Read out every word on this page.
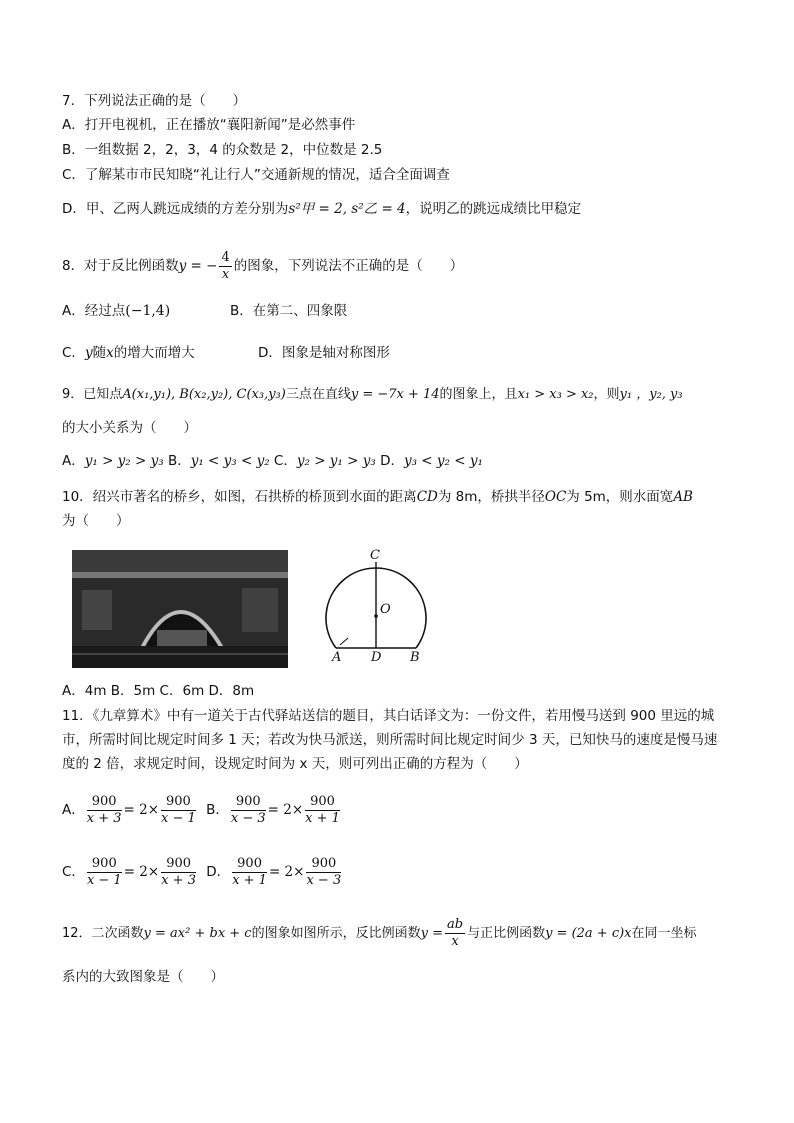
7．下列说法正确的是（　　）
A．打开电视机，正在播放“襄阳新闻”是必然事件
B．一组数据 2，2，3，4 的众数是 2，中位数是 2.5
C．了解某市市民知晓“礼让行人”交通新规的情况，适合全面调查
D．甲、乙两人跳远成绩的方差分别为s²甲 = 2, s²乙 = 4，说明乙的跳远成绩比甲稳定
8．对于反比例函数y = − $\frac{4}{x}$ 的图象，下列说法不正确的是（　　）
A．经过点(−1,4)	B．在第二、四象限
C．y随x的增大而增大	D．图象是轴对称图形
9．已知点A(x₁,y₁), B(x₂,y₂), C(x₃,y₃)三点在直线y = −7x + 14的图象上，且x₁ > x₃ > x₂，则y₁ ，y₂, y₃
的大小关系为（　　）
A．y₁ > y₂ > y₃ B．y₁ < y₃ < y₂ C．y₂ > y₁ > y₃ D．y₃ < y₂ < y₁
10．绍兴市著名的桥乡，如图，石拱桥的桥顶到水面的距离CD为 8m，桥拱半径OC为 5m，则水面宽AB
为（　　）
C
O
A D B
A．4m B．5m C．6m D．8m
11．《九章算术》中有一道关于古代驿站送信的题目，其白话译文为：一份文件，若用慢马送到 900 里远的城
市，所需时间比规定时间多 1 天；若改为快马派送，则所需时间比规定时间少 3 天，已知快马的速度是慢马速
度的 2 倍，求规定时间，设规定时间为 x 天，则可列出正确的方程为（　　）
A． $\frac{900}{x + 3} = 2\times \frac{900}{x - 1}$ B． $\frac{900}{x - 3} = 2\times \frac{900}{x + 1}$
C． $\frac{900}{x - 1} = 2\times \frac{900}{x + 3}$ D． $\frac{900}{x + 1} = 2\times \frac{900}{x - 3}$
12．二次函数y = ax² + bx + c的图象如图所示，反比例函数$y = \frac{ab}{x}$ 与正比例函数y = (2a + c)x在同一坐标
系内的大致图象是（　　）
